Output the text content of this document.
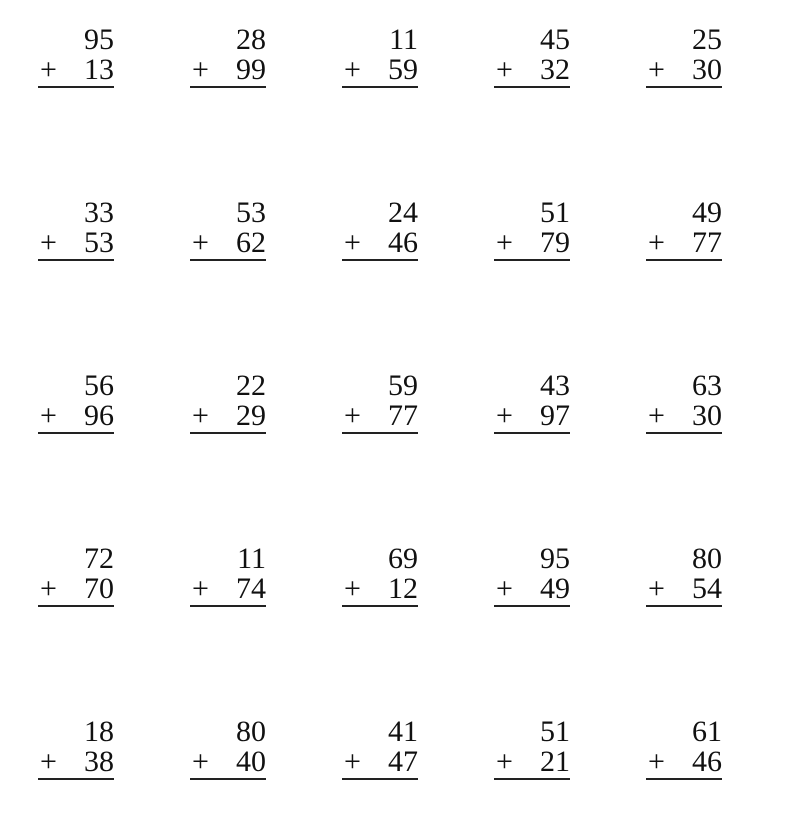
95
+ 13
28
+ 99
11
+ 59
45
+ 32
25
+ 30
33
+ 53
53
+ 62
24
+ 46
51
+ 79
49
+ 77
56
+ 96
22
+ 29
59
+ 77
43
+ 97
63
+ 30
72
+ 70
11
+ 74
69
+ 12
95
+ 49
80
+ 54
18
+ 38
80
+ 40
41
+ 47
51
+ 21
61
+ 46
